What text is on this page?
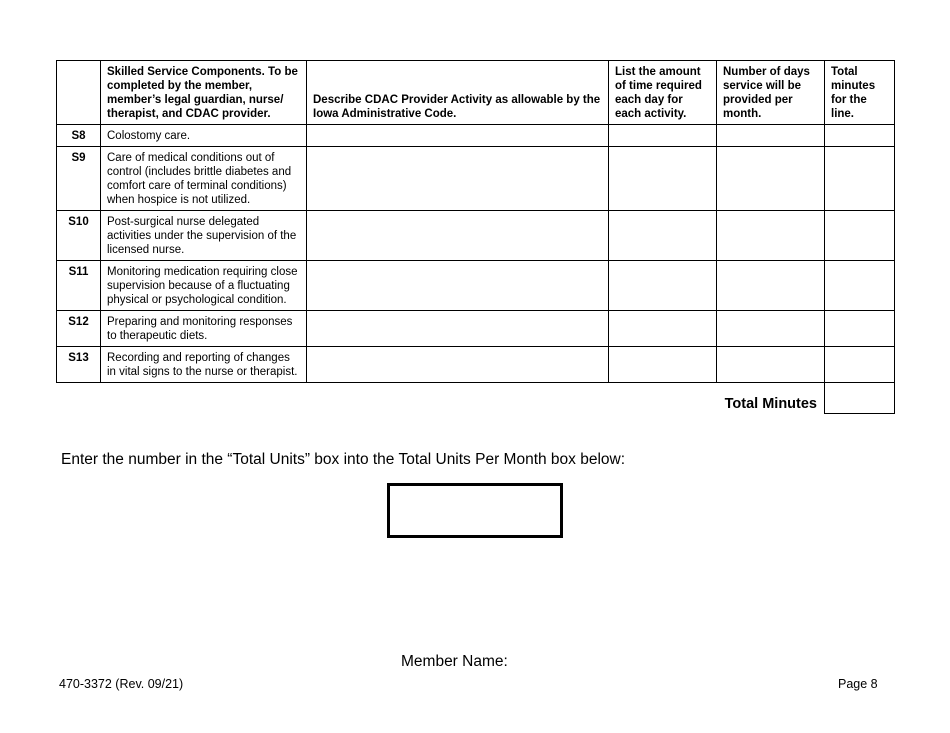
	Skilled Service Components. To be completed by the member, member’s legal guardian, nurse/ therapist, and CDAC provider.	Describe CDAC Provider Activity as allowable by the Iowa Administrative Code.	List the amount of time required each day for each activity.	Number of days service will be provided per month.	Total minutes for the line.
S8	Colostomy care.				
S9	Care of medical conditions out of control (includes brittle diabetes and comfort care of terminal conditions) when hospice is not utilized.				
S10	Post-surgical nurse delegated activities under the supervision of the licensed nurse.				
S11	Monitoring medication requiring close supervision because of a fluctuating physical or psychological condition.				
S12	Preparing and monitoring responses to therapeutic diets.				
S13	Recording and reporting of changes in vital signs to the nurse or therapist.				
		Total Minutes			
Enter the number in the “Total Units” box into the Total Units Per Month box below:
Member Name:
470-3372 (Rev. 09/21)	Page 8
